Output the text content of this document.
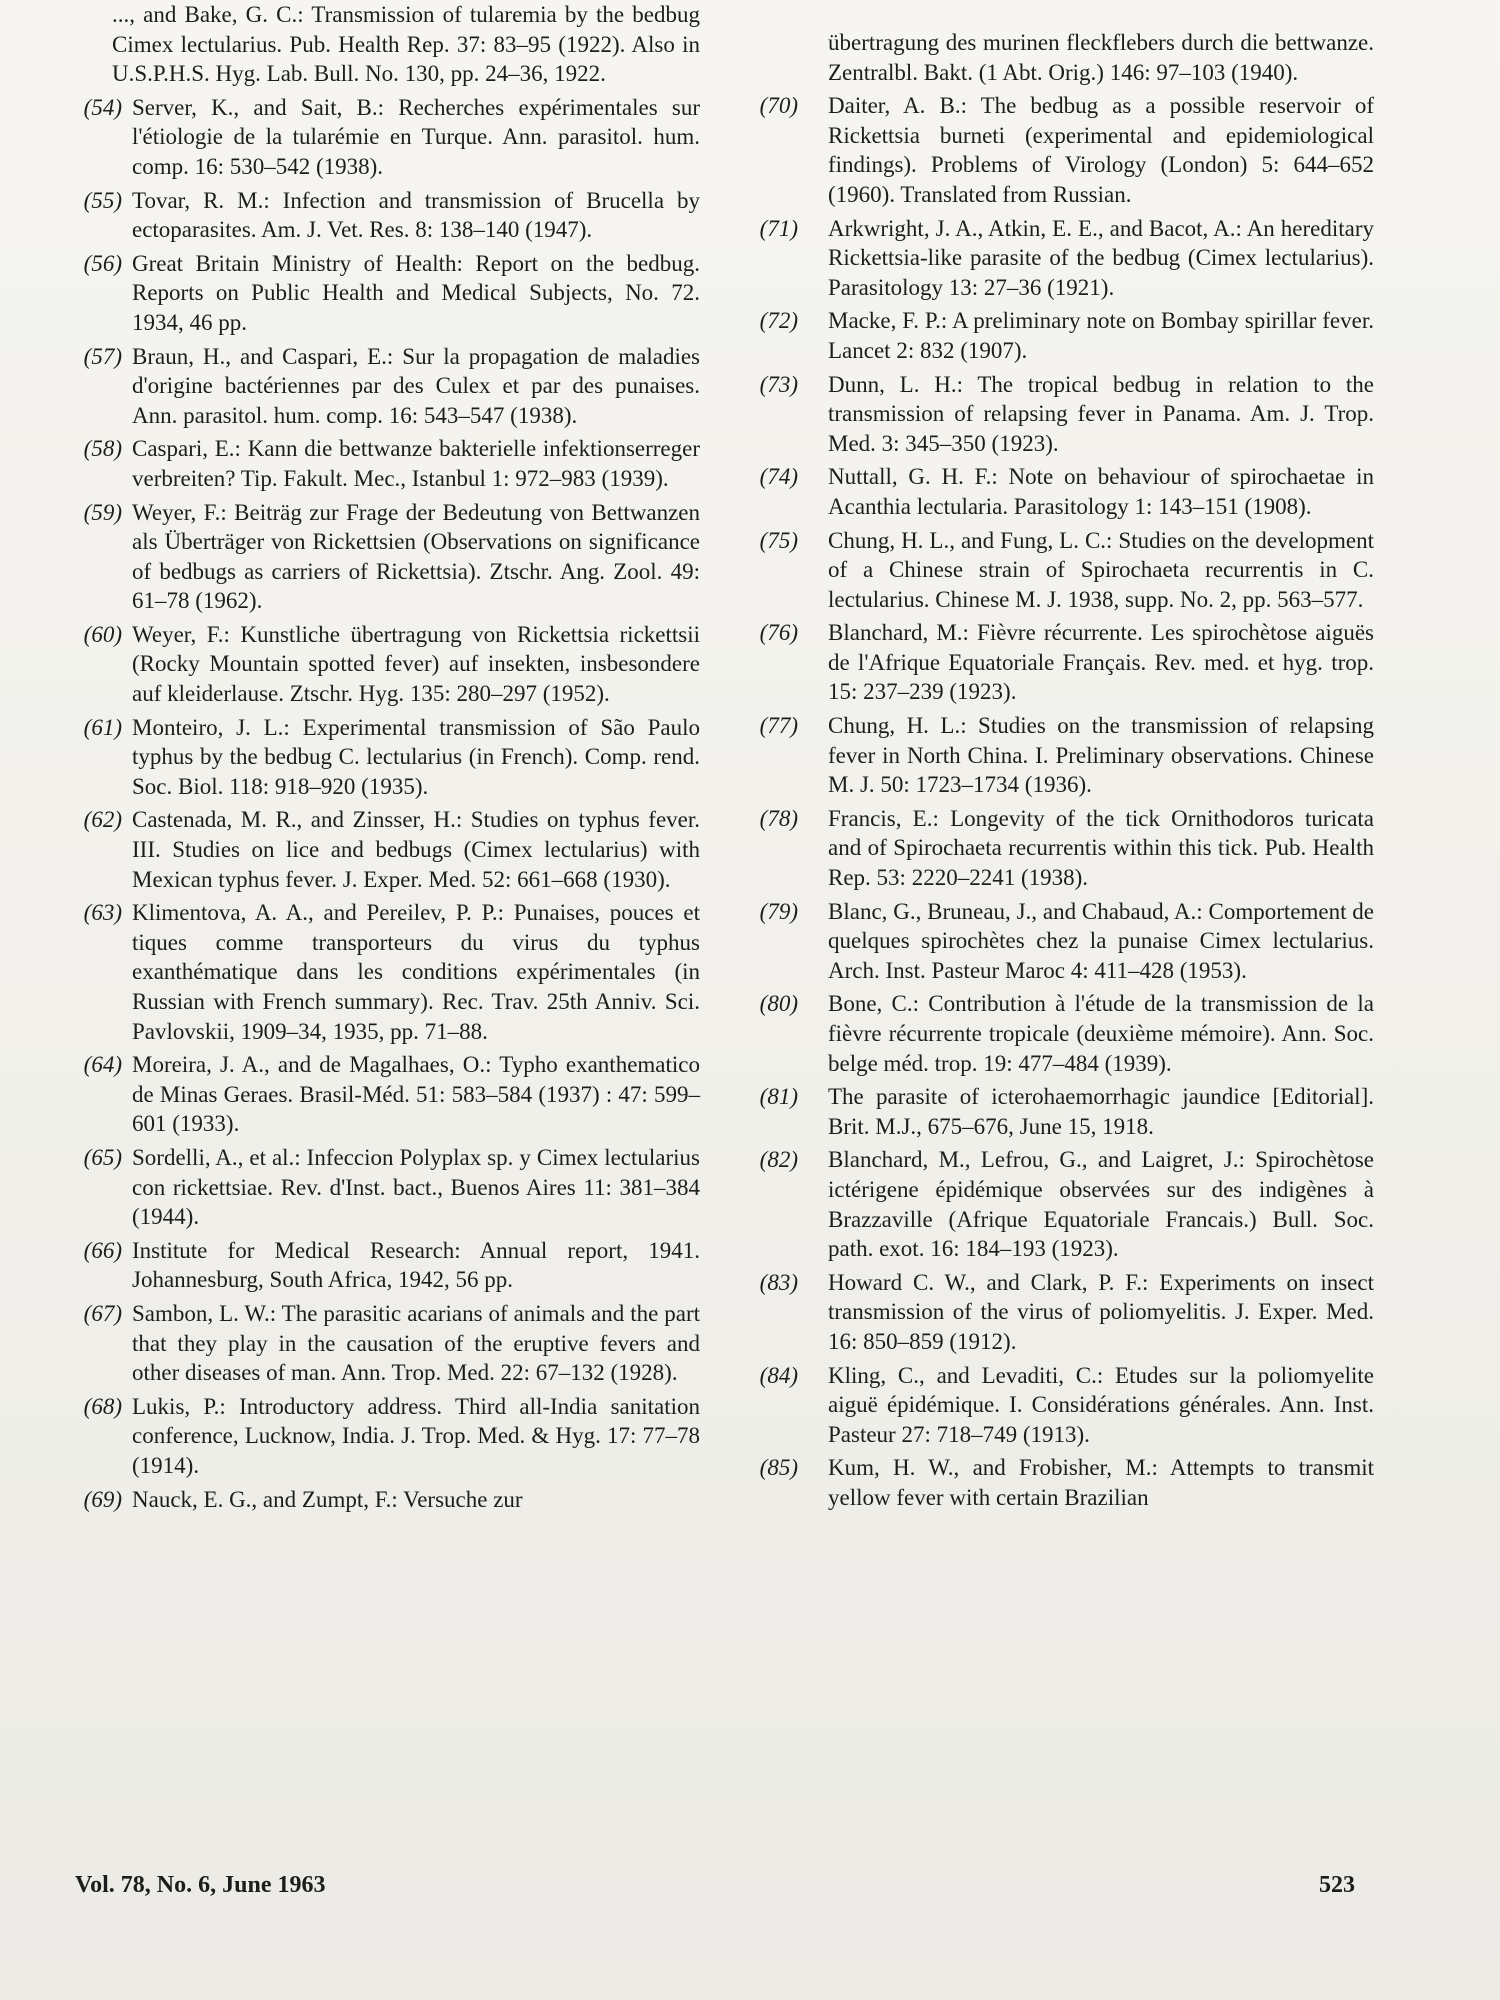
..., and Bake, G. C.: Transmission of tularemia by the bedbug Cimex lectularius. Pub. Health Rep. 37: 83–95 (1922). Also in U.S.P.H.S. Hyg. Lab. Bull. No. 130, pp. 24–36, 1922.
(54) Server, K., and Sait, B.: Recherches expérimentales sur l'étiologie de la tularémie en Turque. Ann. parasitol. hum. comp. 16: 530–542 (1938).
(55) Tovar, R. M.: Infection and transmission of Brucella by ectoparasites. Am. J. Vet. Res. 8: 138–140 (1947).
(56) Great Britain Ministry of Health: Report on the bedbug. Reports on Public Health and Medical Subjects, No. 72. 1934, 46 pp.
(57) Braun, H., and Caspari, E.: Sur la propagation de maladies d'origine bactériennes par des Culex et par des punaises. Ann. parasitol. hum. comp. 16: 543–547 (1938).
(58) Caspari, E.: Kann die bettwanze bakterielle infektionserreger verbreiten? Tip. Fakult. Mec., Istanbul 1: 972–983 (1939).
(59) Weyer, F.: Beiträg zur Frage der Bedeutung von Bettwanzen als Überträger von Rickettsien (Observations on significance of bedbugs as carriers of Rickettsia). Ztschr. Ang. Zool. 49: 61–78 (1962).
(60) Weyer, F.: Kunstliche übertragung von Rickettsia rickettsii (Rocky Mountain spotted fever) auf insekten, insbesondere auf kleiderlause. Ztschr. Hyg. 135: 280–297 (1952).
(61) Monteiro, J. L.: Experimental transmission of São Paulo typhus by the bedbug C. lectularius (in French). Comp. rend. Soc. Biol. 118: 918–920 (1935).
(62) Castenada, M. R., and Zinsser, H.: Studies on typhus fever. III. Studies on lice and bedbugs (Cimex lectularius) with Mexican typhus fever. J. Exper. Med. 52: 661–668 (1930).
(63) Klimentova, A. A., and Pereilev, P. P.: Punaises, pouces et tiques comme transporteurs du virus du typhus exanthématique dans les conditions expérimentales (in Russian with French summary). Rec. Trav. 25th Anniv. Sci. Pavlovskii, 1909–34, 1935, pp. 71–88.
(64) Moreira, J. A., and de Magalhaes, O.: Typho exanthematico de Minas Geraes. Brasil-Méd. 51: 583–584 (1937) : 47: 599–601 (1933).
(65) Sordelli, A., et al.: Infeccion Polyplax sp. y Cimex lectularius con rickettsiae. Rev. d'Inst. bact., Buenos Aires 11: 381–384 (1944).
(66) Institute for Medical Research: Annual report, 1941. Johannesburg, South Africa, 1942, 56 pp.
(67) Sambon, L. W.: The parasitic acarians of animals and the part that they play in the causation of the eruptive fevers and other diseases of man. Ann. Trop. Med. 22: 67–132 (1928).
(68) Lukis, P.: Introductory address. Third all-India sanitation conference, Lucknow, India. J. Trop. Med. & Hyg. 17: 77–78 (1914).
(69) Nauck, E. G., and Zumpt, F.: Versuche zur
übertragung des murinen fleckflebers durch die bettwanze. Zentralbl. Bakt. (1 Abt. Orig.) 146: 97–103 (1940).
(70) Daiter, A. B.: The bedbug as a possible reservoir of Rickettsia burneti (experimental and epidemiological findings). Problems of Virology (London) 5: 644–652 (1960). Translated from Russian.
(71) Arkwright, J. A., Atkin, E. E., and Bacot, A.: An hereditary Rickettsia-like parasite of the bedbug (Cimex lectularius). Parasitology 13: 27–36 (1921).
(72) Macke, F. P.: A preliminary note on Bombay spirillar fever. Lancet 2: 832 (1907).
(73) Dunn, L. H.: The tropical bedbug in relation to the transmission of relapsing fever in Panama. Am. J. Trop. Med. 3: 345–350 (1923).
(74) Nuttall, G. H. F.: Note on behaviour of spirochaetae in Acanthia lectularia. Parasitology 1: 143–151 (1908).
(75) Chung, H. L., and Fung, L. C.: Studies on the development of a Chinese strain of Spirochaeta recurrentis in C. lectularius. Chinese M. J. 1938, supp. No. 2, pp. 563–577.
(76) Blanchard, M.: Fièvre récurrente. Les spirochètose aiguës de l'Afrique Equatoriale Français. Rev. med. et hyg. trop. 15: 237–239 (1923).
(77) Chung, H. L.: Studies on the transmission of relapsing fever in North China. I. Preliminary observations. Chinese M. J. 50: 1723–1734 (1936).
(78) Francis, E.: Longevity of the tick Ornithodoros turicata and of Spirochaeta recurrentis within this tick. Pub. Health Rep. 53: 2220–2241 (1938).
(79) Blanc, G., Bruneau, J., and Chabaud, A.: Comportement de quelques spirochètes chez la punaise Cimex lectularius. Arch. Inst. Pasteur Maroc 4: 411–428 (1953).
(80) Bone, C.: Contribution à l'étude de la transmission de la fièvre récurrente tropicale (deuxième mémoire). Ann. Soc. belge méd. trop. 19: 477–484 (1939).
(81) The parasite of icterohaemorrhagic jaundice [Editorial]. Brit. M.J., 675–676, June 15, 1918.
(82) Blanchard, M., Lefrou, G., and Laigret, J.: Spirochètose ictérigene épidémique observées sur des indigènes à Brazzaville (Afrique Equatoriale Francais.) Bull. Soc. path. exot. 16: 184–193 (1923).
(83) Howard C. W., and Clark, P. F.: Experiments on insect transmission of the virus of poliomyelitis. J. Exper. Med. 16: 850–859 (1912).
(84) Kling, C., and Levaditi, C.: Etudes sur la poliomyelite aiguë épidémique. I. Considérations générales. Ann. Inst. Pasteur 27: 718–749 (1913).
(85) Kum, H. W., and Frobisher, M.: Attempts to transmit yellow fever with certain Brazilian
Vol. 78, No. 6, June 1963	523
